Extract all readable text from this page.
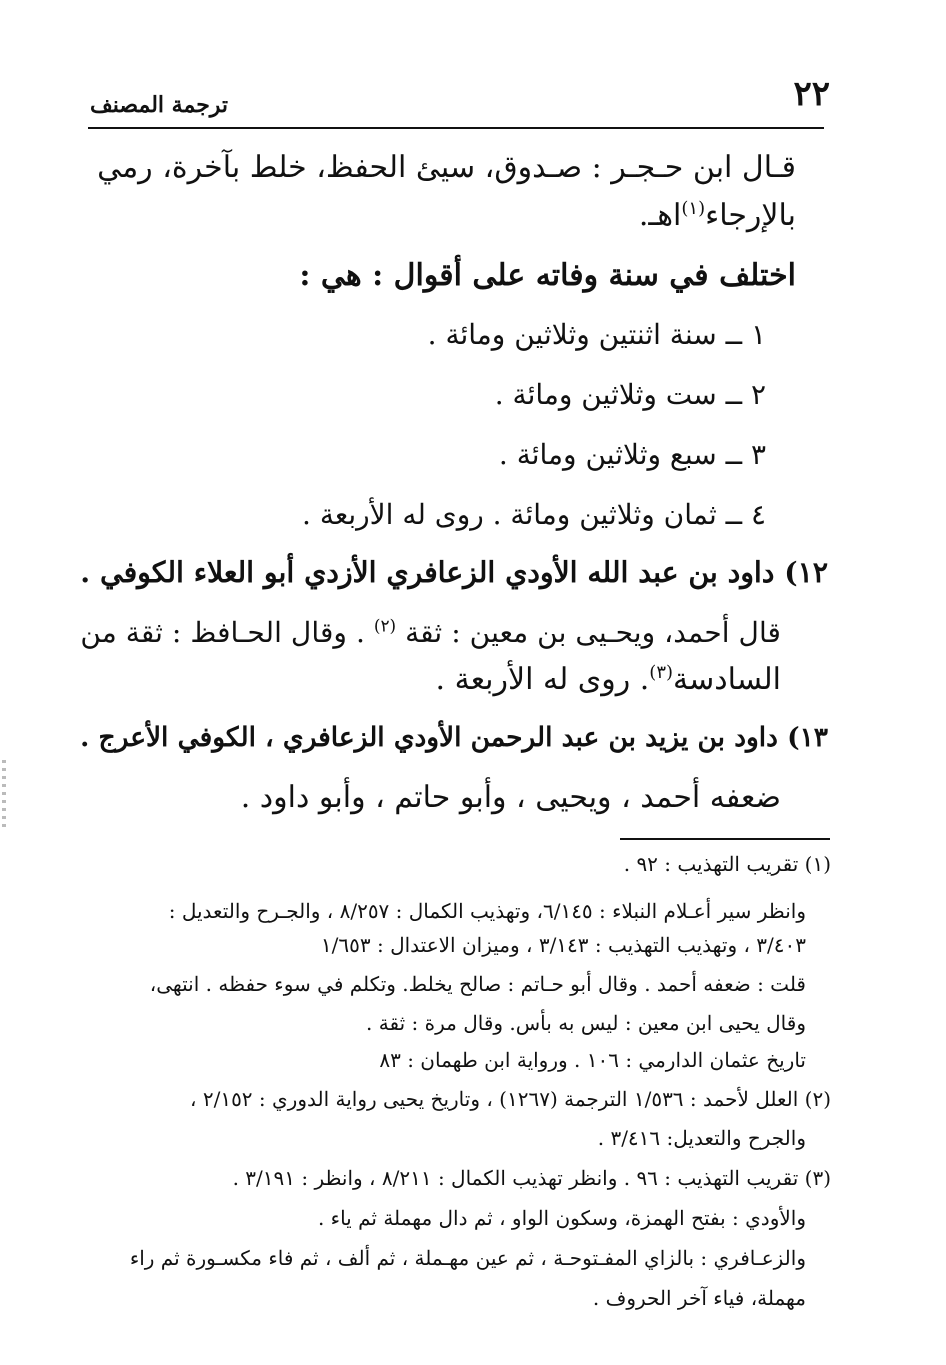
٢٢
ترجمة المصنف
قـال ابن حـجـر : صـدوق، سيئ الحفظ، خلط بآخرة، رمي
بالإرجاء$^{(١)}$اهـ.
اختلف في سنة وفاته على أقوال : هي :
١ ــ سنة اثنتين وثلاثين ومائة .
٢ ــ ست وثلاثين ومائة .
٣ ــ سبع وثلاثين ومائة .
٤ ــ ثمان وثلاثين ومائة . روى له الأربعة .
١٢) داود بن عبد الله الأودي الزعافري الأزدي أبو العلاء الكوفي .
قال أحمد، ويحـيى بن معين : ثقة $^{(٢)}$ . وقال الحـافظ : ثقة من
السادسة$^{(٣)}$. روى له الأربعة .
١٣) داود بن يزيد بن عبد الرحمن الأودي الزعافري ، الكوفي الأعرج .
ضعفه أحمد ، ويحيى ، وأبو حاتم ، وأبو داود .
(١) تقريب التهذيب : ٩٢ .
وانظر سير أعـلام النبلاء : ٦/١٤٥، وتهذيب الكمال : ٨/٢٥٧ ، والجـرح والتعديل :
٣/٤٠٣ ، وتهذيب التهذيب : ٣/١٤٣ ، وميزان الاعتدال : ١/٦٥٣
قلت : ضعفه أحمد . وقال أبو حـاتم : صالح يخلط. وتكلم في سوء حفظه . انتهى،
وقال يحيى ابن معين : ليس به بأس. وقال مرة : ثقة .
تاريخ عثمان الدارمي : ١٠٦ . ورواية ابن طهمان : ٨٣
(٢) العلل لأحمد : ١/٥٣٦ الترجمة (١٢٦٧) ، وتاريخ يحيى رواية الدوري : ٢/١٥٢ ،
والجرح والتعديل: ٣/٤١٦ .
(٣) تقريب التهذيب : ٩٦ . وانظر تهذيب الكمال : ٨/٢١١ ، وانظر : ٣/١٩١ .
والأودي : بفتح الهمزة، وسكون الواو ، ثم دال مهملة ثم ياء .
والزعـافري : بالزاي المفـتوحـة ، ثم عين مهـملة ، ثم ألف ، ثم فاء مكسـورة ثم راء
مهملة، فياء آخر الحروف .
